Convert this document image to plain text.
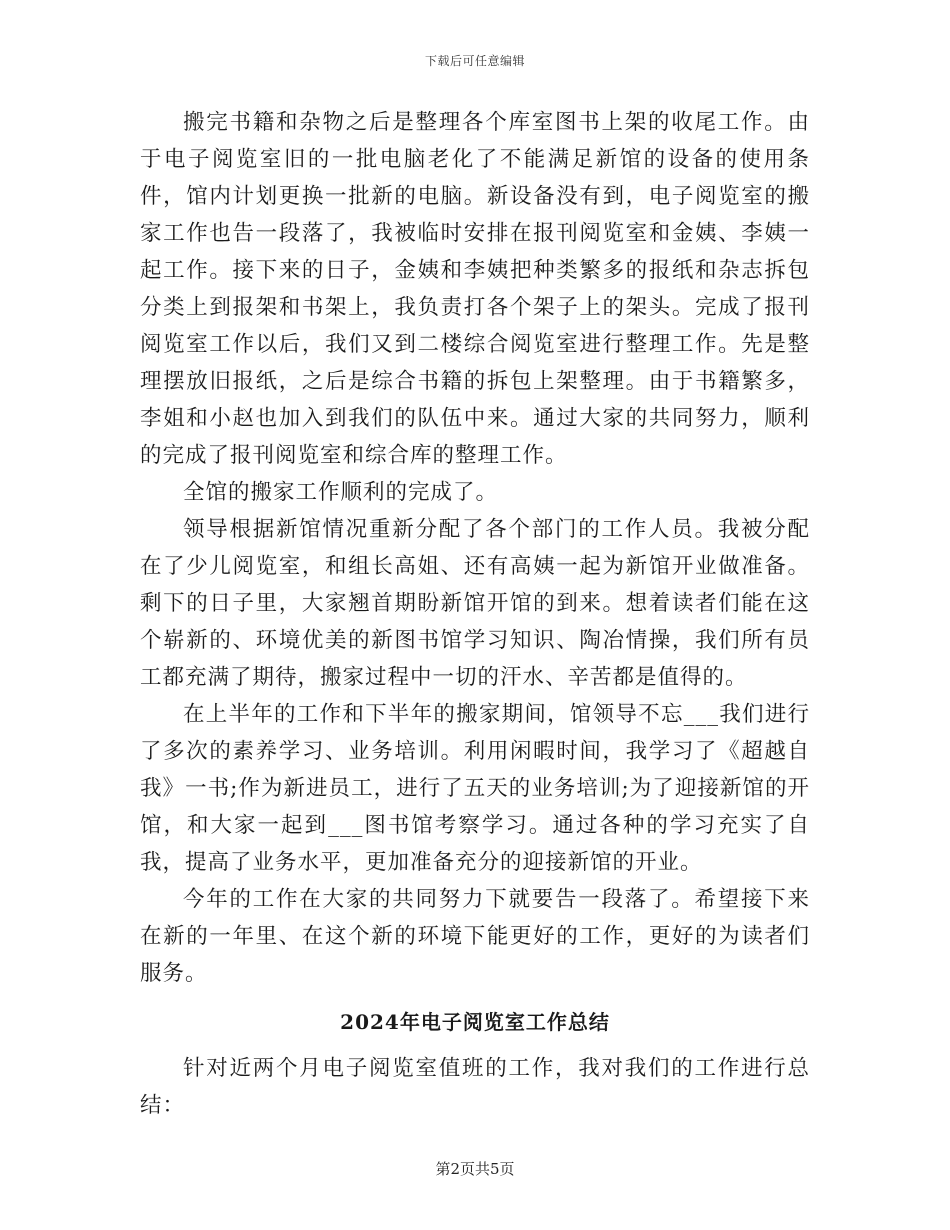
下载后可任意编辑

搬完书籍和杂物之后是整理各个库室图书上架的收尾工作。由于电子阅览室旧的一批电脑老化了不能满足新馆的设备的使用条件，馆内计划更换一批新的电脑。新设备没有到，电子阅览室的搬家工作也告一段落了，我被临时安排在报刊阅览室和金姨、李姨一起工作。接下来的日子，金姨和李姨把种类繁多的报纸和杂志拆包分类上到报架和书架上，我负责打各个架子上的架头。完成了报刊阅览室工作以后，我们又到二楼综合阅览室进行整理工作。先是整理摆放旧报纸，之后是综合书籍的拆包上架整理。由于书籍繁多，李姐和小赵也加入到我们的队伍中来。通过大家的共同努力，顺利的完成了报刊阅览室和综合库的整理工作。

全馆的搬家工作顺利的完成了。

领导根据新馆情况重新分配了各个部门的工作人员。我被分配在了少儿阅览室，和组长高姐、还有高姨一起为新馆开业做准备。剩下的日子里，大家翘首期盼新馆开馆的到来。想着读者们能在这个崭新的、环境优美的新图书馆学习知识、陶冶情操，我们所有员工都充满了期待，搬家过程中一切的汗水、辛苦都是值得的。

在上半年的工作和下半年的搬家期间，馆领导不忘___我们进行了多次的素养学习、业务培训。利用闲暇时间，我学习了《超越自我》一书;作为新进员工，进行了五天的业务培训;为了迎接新馆的开馆，和大家一起到___图书馆考察学习。通过各种的学习充实了自我，提高了业务水平，更加准备充分的迎接新馆的开业。

今年的工作在大家的共同努力下就要告一段落了。希望接下来在新的一年里、在这个新的环境下能更好的工作，更好的为读者们服务。

2024年电子阅览室工作总结

针对近两个月电子阅览室值班的工作，我对我们的工作进行总结：

第2页共5页
